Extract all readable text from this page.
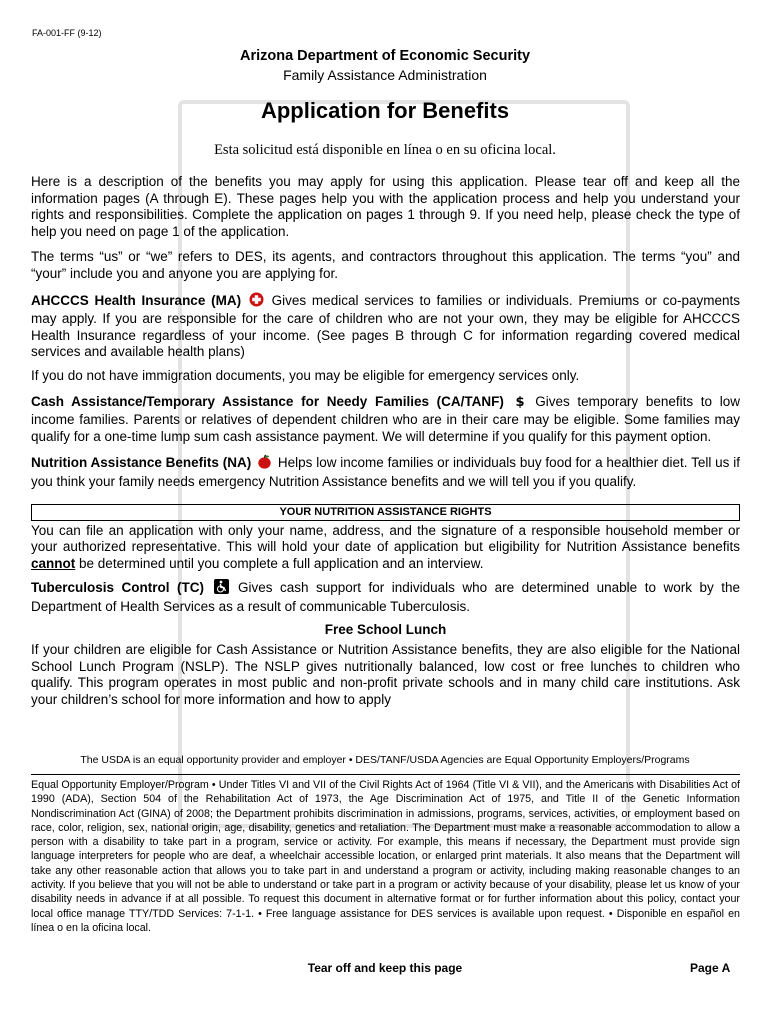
FA-001-FF (9-12)
Arizona Department of Economic Security
Family Assistance Administration
Application for Benefits
Esta solicitud está disponible en línea o en su oficina local.

Here is a description of the benefits you may apply for using this application. Please tear off and keep all the information pages (A through E). These pages help you with the application process and help you understand your rights and responsibilities. Complete the application on pages 1 through 9. If you need help, please check the type of help you need on page 1 of the application.

The terms “us” or “we” refers to DES, its agents, and contractors throughout this application. The terms “you” and “your” include you and anyone you are applying for.

AHCCCS Health Insurance (MA) Gives medical services to families or individuals. Premiums or co-payments may apply. If you are responsible for the care of children who are not your own, they may be eligible for AHCCCS Health Insurance regardless of your income. (See pages B through C for information regarding covered medical services and available health plans)

If you do not have immigration documents, you may be eligible for emergency services only.

Cash Assistance/Temporary Assistance for Needy Families (CA/TANF) $ Gives temporary benefits to low income families. Parents or relatives of dependent children who are in their care may be eligible. Some families may qualify for a one-time lump sum cash assistance payment. We will determine if you qualify for this payment option.

Nutrition Assistance Benefits (NA) Helps low income families or individuals buy food for a healthier diet. Tell us if you think your family needs emergency Nutrition Assistance benefits and we will tell you if you qualify.

YOUR NUTRITION ASSISTANCE RIGHTS

You can file an application with only your name, address, and the signature of a responsible household member or your authorized representative. This will hold your date of application but eligibility for Nutrition Assistance benefits cannot be determined until you complete a full application and an interview.

Tuberculosis Control (TC)	Gives cash support for individuals who are determined unable to work by the Department of Health Services as a result of communicable Tuberculosis.

Free School Lunch

If your children are eligible for Cash Assistance or Nutrition Assistance benefits, they are also eligible for the National School Lunch Program (NSLP). The NSLP gives nutritionally balanced, low cost or free lunches to children who qualify. This program operates in most public and non-profit private schools and in many child care institutions. Ask your children’s school for more information and how to apply

The USDA is an equal opportunity provider and employer • DES/TANF/USDA Agencies are Equal Opportunity Employers/Programs
Equal Opportunity Employer/Program • Under Titles VI and VII of the Civil Rights Act of 1964 (Title VI & VII), and the Americans with Disabilities Act of 1990 (ADA), Section 504 of the Rehabilitation Act of 1973, the Age Discrimination Act of 1975, and Title II of the Genetic Information Nondiscrimination Act (GINA) of 2008; the Department prohibits discrimination in admissions, programs, services, activities, or employment based on race, color, religion, sex, national origin, age, disability, genetics and retaliation. The Department must make a reasonable accommodation to allow a person with a disability to take part in a program, service or activity. For example, this means if necessary, the Department must provide sign language interpreters for people who are deaf, a wheelchair accessible location, or enlarged print materials. It also means that the Department will take any other reasonable action that allows you to take part in and understand a program or activity, including making reasonable changes to an activity. If you believe that you will not be able to understand or take part in a program or activity because of your disability, please let us know of your disability needs in advance if at all possible. To request this document in alternative format or for further information about this policy, contact your local office manage TTY/TDD Services: 7-1-1. • Free language assistance for DES services is available upon request. • Disponible en español en línea o en la oficina local.
Tear off and keep this page	Page A
